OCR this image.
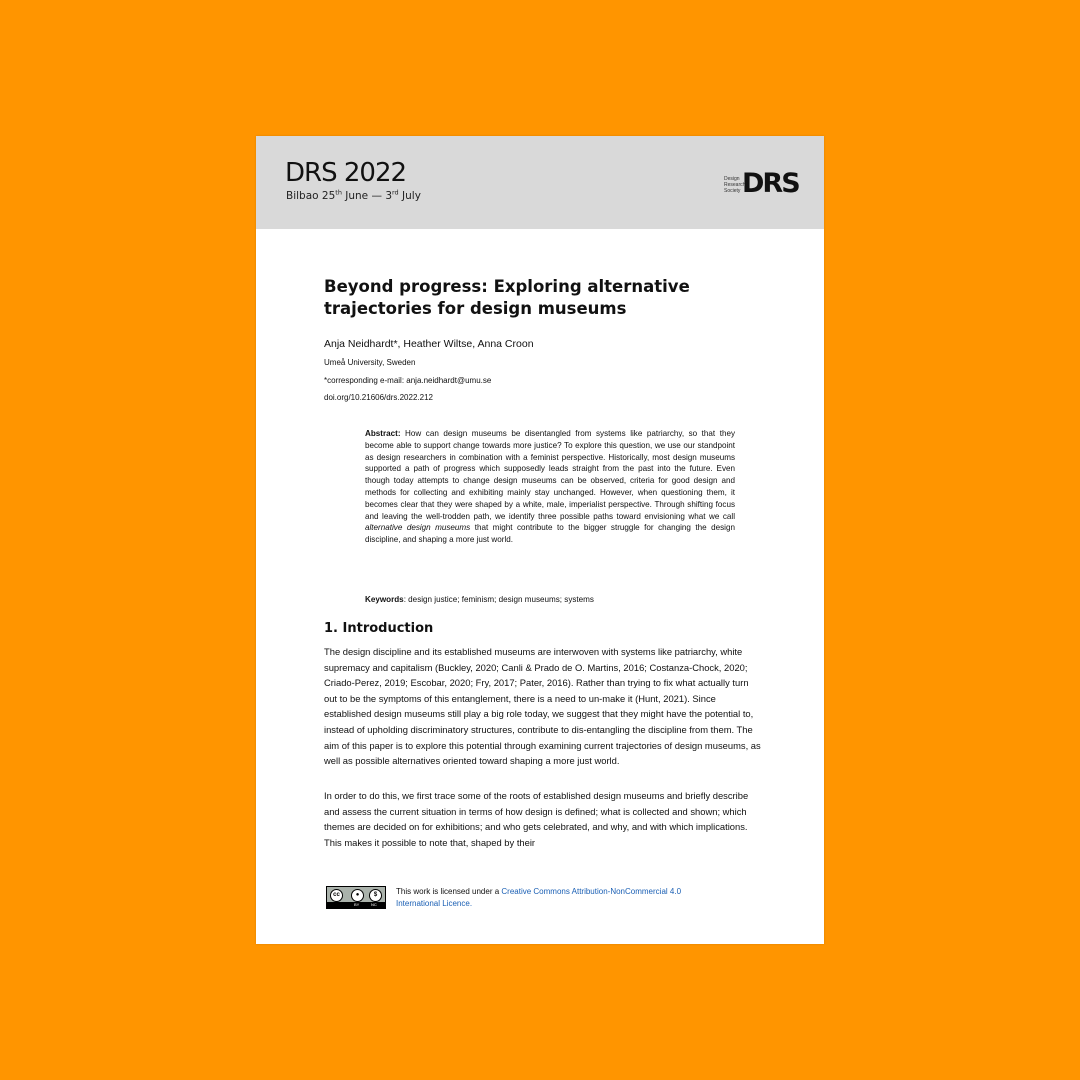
DRS 2022
Bilbao 25th June — 3rd July
Design
Research
Society DRS
Beyond progress: Exploring alternative trajectories for design museums
Anja Neidhardt*, Heather Wiltse, Anna Croon
Umeå University, Sweden
*corresponding e-mail: anja.neidhardt@umu.se
doi.org/10.21606/drs.2022.212

Abstract: How can design museums be disentangled from systems like patriarchy, so that they become able to support change towards more justice? To explore this question, we use our standpoint as design researchers in combination with a feminist perspective. Historically, most design museums supported a path of progress which supposedly leads straight from the past into the future. Even though today attempts to change design museums can be observed, criteria for good design and methods for collecting and exhibiting mainly stay unchanged. However, when questioning them, it becomes clear that they were shaped by a white, male, imperialist perspective. Through shifting focus and leaving the well-trodden path, we identify three possible paths toward envisioning what we call alternative design museums that might contribute to the bigger struggle for changing the design discipline, and shaping a more just world.

Keywords: design justice; feminism; design museums; systems

1. Introduction

The design discipline and its established museums are interwoven with systems like patriarchy, white supremacy and capitalism (Buckley, 2020; Canli & Prado de O. Martins, 2016; Costanza-Chock, 2020; Criado-Perez, 2019; Escobar, 2020; Fry, 2017; Pater, 2016). Rather than trying to fix what actually turn out to be the symptoms of this entanglement, there is a need to un-make it (Hunt, 2021). Since established design museums still play a big role today, we suggest that they might have the potential to, instead of upholding discriminatory structures, contribute to dis-entangling the discipline from them. The aim of this paper is to explore this potential through examining current trajectories of design museums, as well as possible alternatives oriented toward shaping a more just world.

In order to do this, we first trace some of the roots of established design museums and briefly describe and assess the current situation in terms of how design is defined; what is collected and shown; which themes are decided on for exhibitions; and who gets celebrated, and why, and with which implications. This makes it possible to note that, shaped by their

cc	●	$
BY	NC
This work is licensed under a Creative Commons Attribution-NonCommercial 4.0 International Licence.
